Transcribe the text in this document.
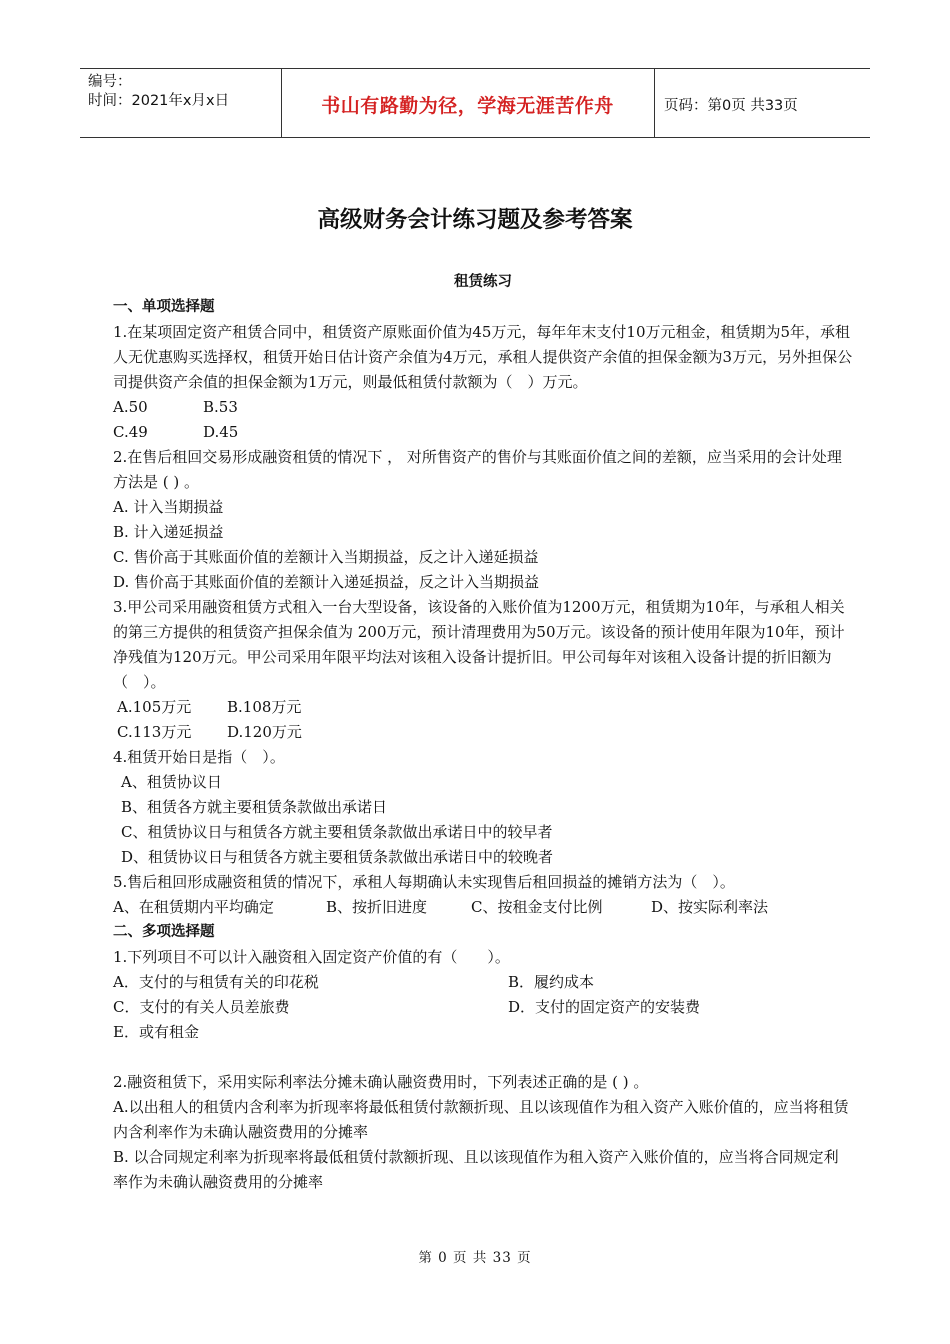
编号：
时间：2021年x月x日	书山有路勤为径，学海无涯苦作舟	页码：第0页 共33页
高级财务会计练习题及参考答案

租赁练习

一、单项选择题

1.在某项固定资产租赁合同中，租赁资产原账面价值为45万元，每年年末支付10万元租金，租赁期为5年，承租人无优惠购买选择权，租赁开始日估计资产余值为4万元，承租人提供资产余值的担保金额为3万元，另外担保公司提供资产余值的担保金额为1万元，则最低租赁付款额为（　）万元。

A.50	B.53

C.49	D.45

2.在售后租回交易形成融资租赁的情况下 ， 对所售资产的售价与其账面价值之间的差额，应当采用的会计处理方法是 ( ) 。

A. 计入当期损益

B. 计入递延损益

C. 售价高于其账面价值的差额计入当期损益，反之计入递延损益

D. 售价高于其账面价值的差额计入递延损益，反之计入当期损益

3.甲公司采用融资租赁方式租入一台大型设备，该设备的入账价值为1200万元，租赁期为10年，与承租人相关的第三方提供的租赁资产担保余值为 200万元，预计清理费用为50万元。该设备的预计使用年限为10年，预计净残值为120万元。甲公司采用年限平均法对该租入设备计提折旧。甲公司每年对该租入设备计提的折旧额为（　）。

A.105万元 B.108万元

C.113万元 D.120万元

4.租赁开始日是指（　）。

A、租赁协议日

B、租赁各方就主要租赁条款做出承诺日

C、租赁协议日与租赁各方就主要租赁条款做出承诺日中的较早者

D、租赁协议日与租赁各方就主要租赁条款做出承诺日中的较晚者

5.售后租回形成融资租赁的情况下，承租人每期确认未实现售后租回损益的摊销方法为（　）。

A、在租赁期内平均确定	B、按折旧进度	C、按租金支付比例	D、按实际利率法

二、多项选择题

1.下列项目不可以计入融资租入固定资产价值的有（　　）。

A．支付的与租赁有关的印花税	B．履约成本

C．支付的有关人员差旅费	D．支付的固定资产的安装费

E．或有租金

2.融资租赁下，采用实际利率法分摊未确认融资费用时，下列表述正确的是 ( ) 。

A.以出租人的租赁内含利率为折现率将最低租赁付款额折现、且以该现值作为租入资产入账价值的，应当将租赁内含利率作为未确认融资费用的分摊率

B. 以合同规定利率为折现率将最低租赁付款额折现、且以该现值作为租入资产入账价值的，应当将合同规定利率作为未确认融资费用的分摊率

第 0 页 共 33 页
